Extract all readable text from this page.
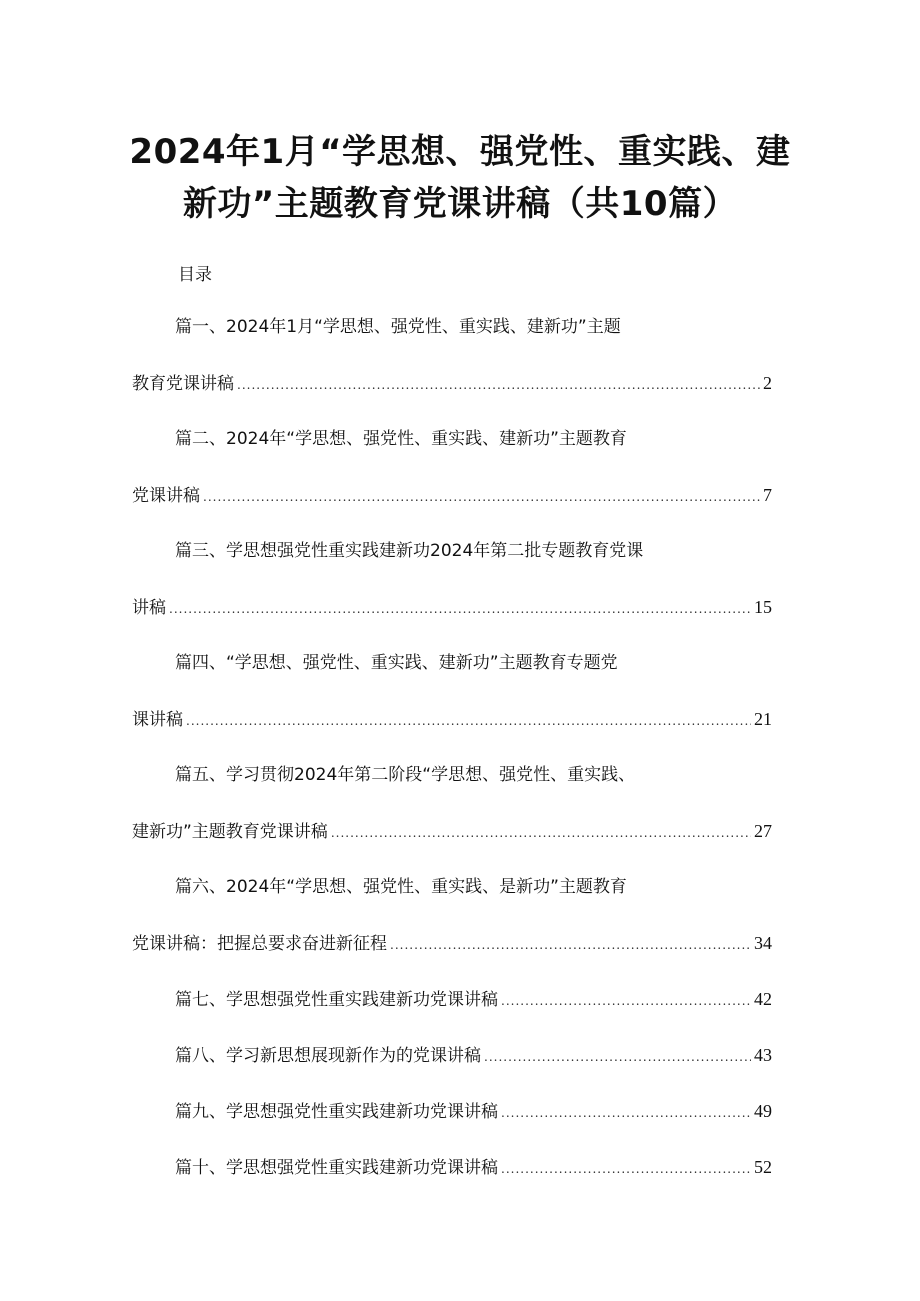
2024年1月“学思想、强党性、重实践、建
新功”主题教育党课讲稿（共10篇）
目录
篇一、2024年1月“学思想、强党性、重实践、建新功”主题
教育党课讲稿 .....	2
篇二、2024年“学思想、强党性、重实践、建新功”主题教育
党课讲稿 .....	7
篇三、学思想强党性重实践建新功2024年第二批专题教育党课
讲稿 .....	15
篇四、“学思想、强党性、重实践、建新功”主题教育专题党
课讲稿 .....	21
篇五、学习贯彻2024年第二阶段“学思想、强党性、重实践、
建新功”主题教育党课讲稿 .....	27
篇六、2024年“学思想、强党性、重实践、是新功”主题教育
党课讲稿：把握总要求奋进新征程 .....	34
篇七、学思想强党性重实践建新功党课讲稿 .....	42
篇八、学习新思想展现新作为的党课讲稿 .....	43
篇九、学思想强党性重实践建新功党课讲稿 .....	49
篇十、学思想强党性重实践建新功党课讲稿 .....	52
